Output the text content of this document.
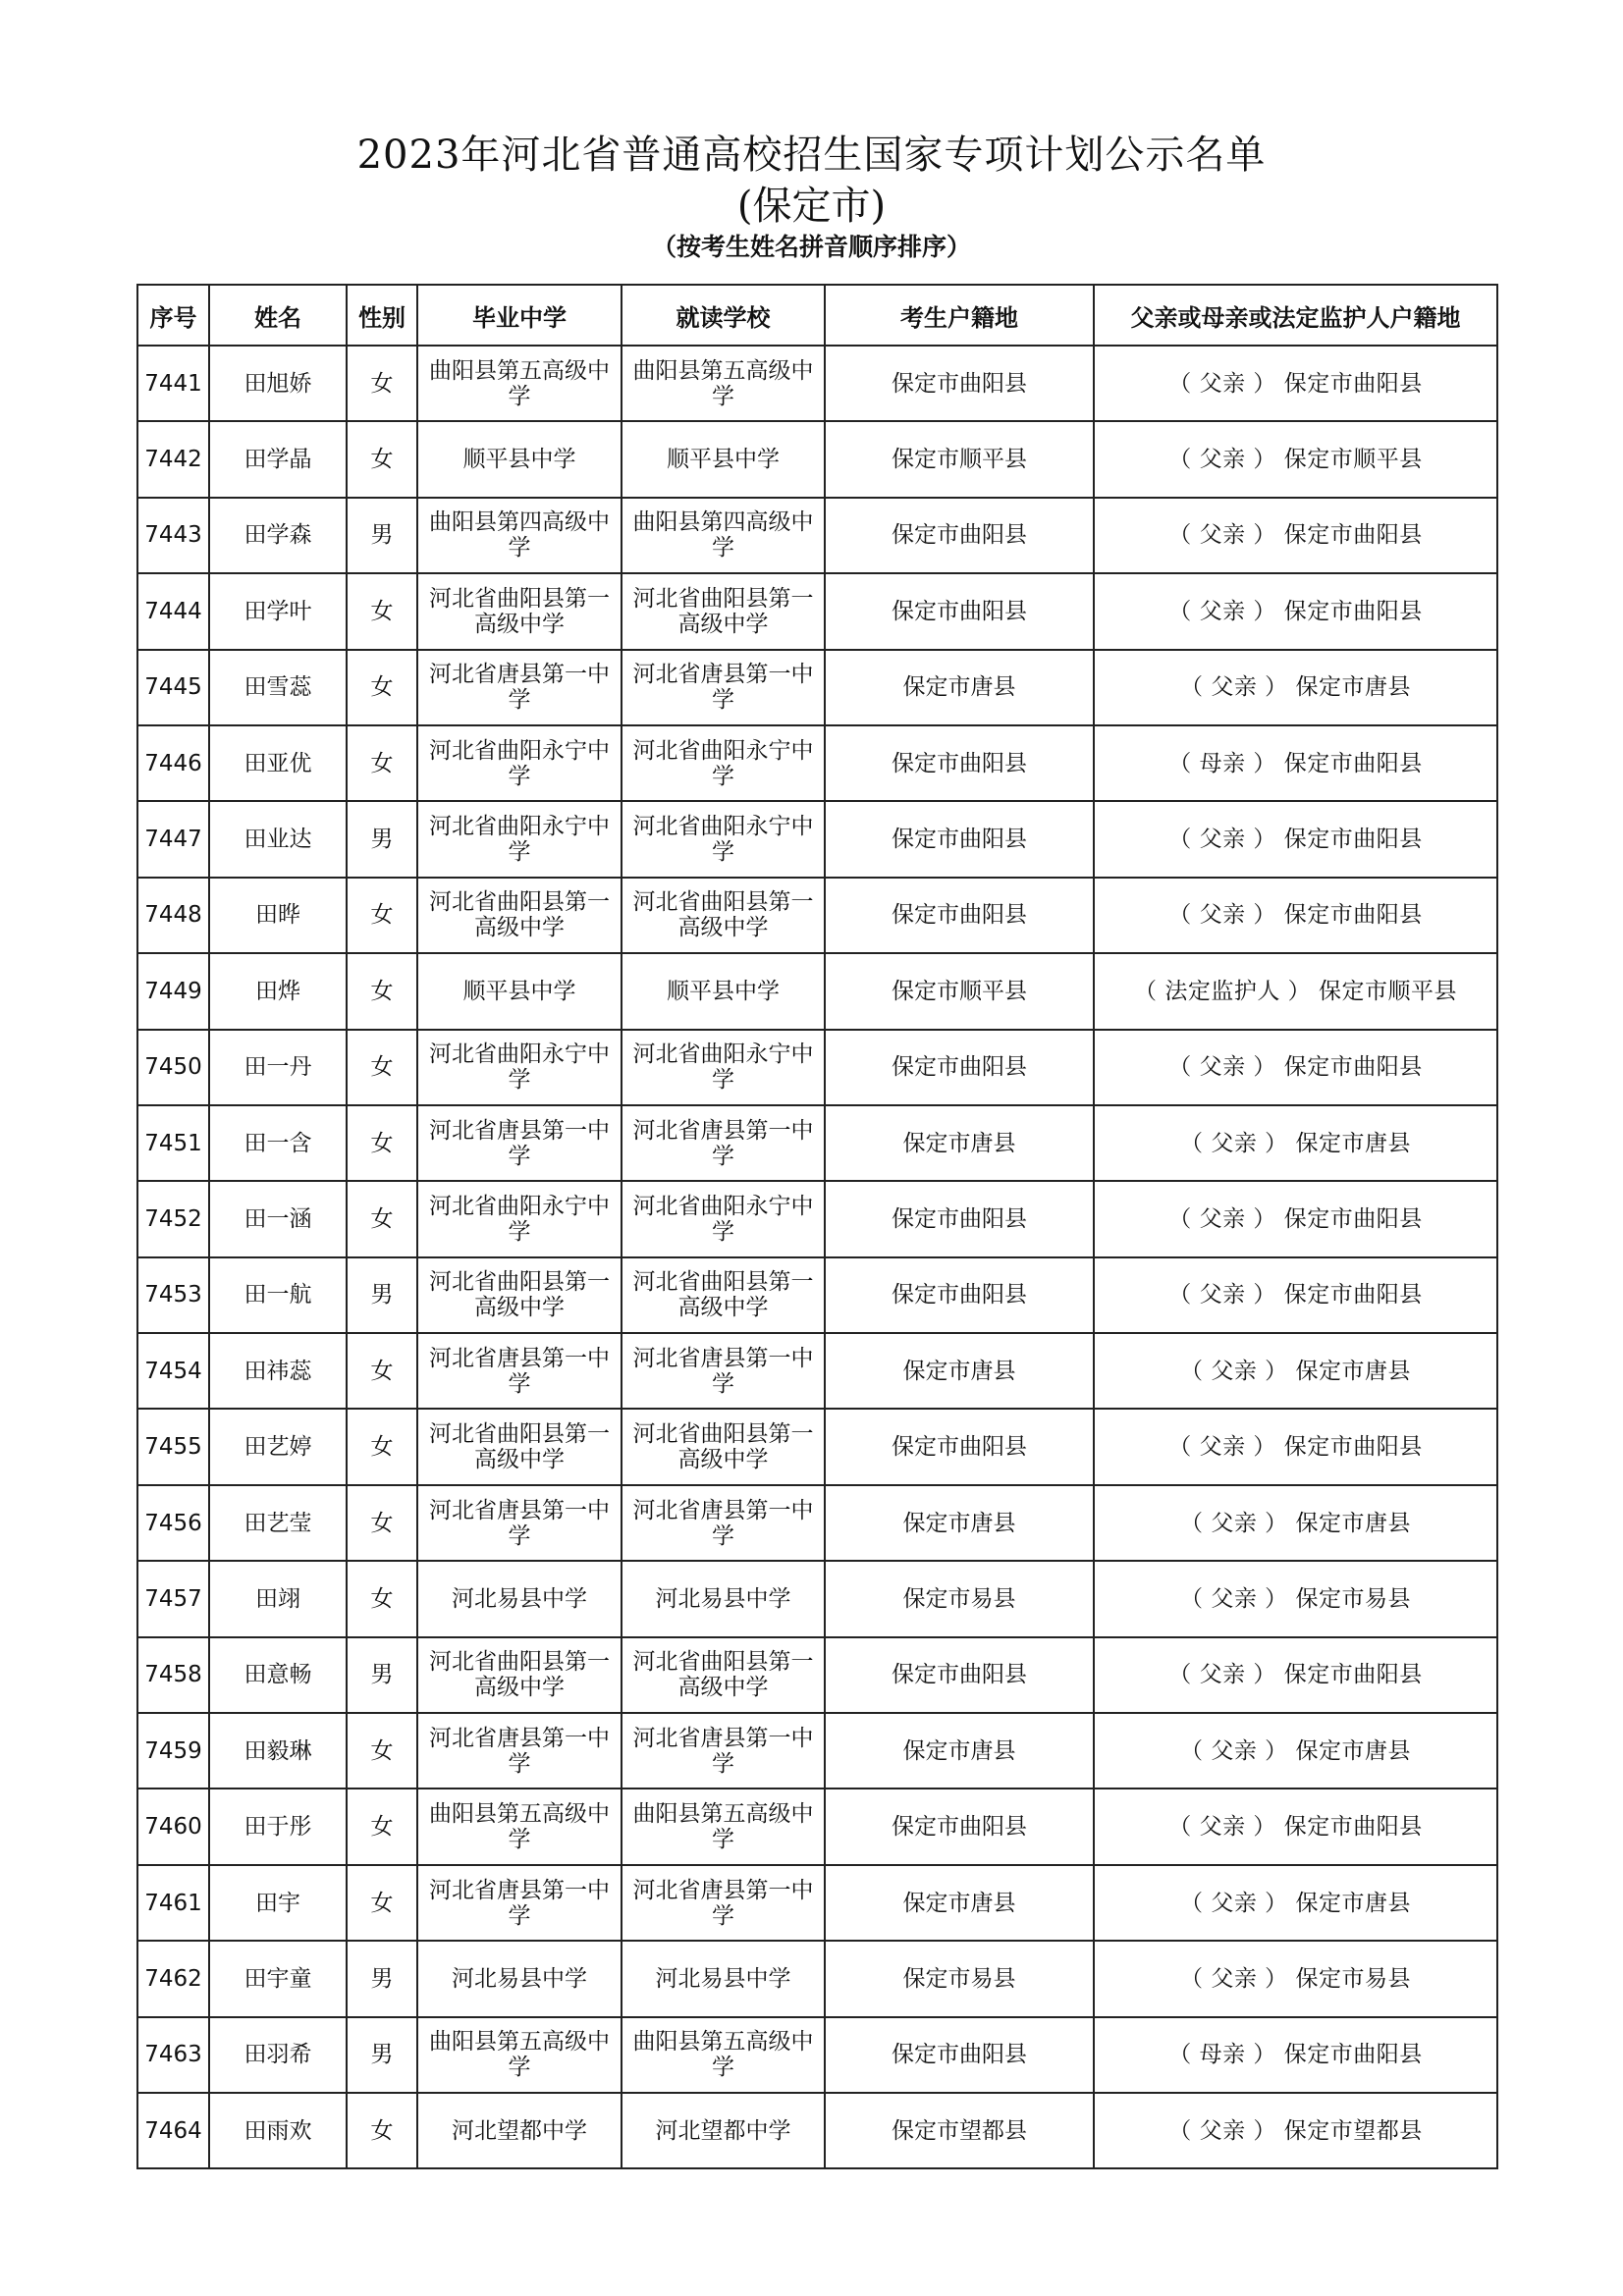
2023年河北省普通高校招生国家专项计划公示名单
(保定市)
（按考生姓名拼音顺序排序）
序号	姓名	性别	毕业中学	就读学校	考生户籍地	父亲或母亲或法定监护人户籍地
7441	田旭娇	女	曲阳县第五高级中学	曲阳县第五高级中学	保定市曲阳县	（ 父亲 ） 保定市曲阳县
7442	田学晶	女	顺平县中学	顺平县中学	保定市顺平县	（ 父亲 ） 保定市顺平县
7443	田学森	男	曲阳县第四高级中学	曲阳县第四高级中学	保定市曲阳县	（ 父亲 ） 保定市曲阳县
7444	田学叶	女	河北省曲阳县第一高级中学	河北省曲阳县第一高级中学	保定市曲阳县	（ 父亲 ） 保定市曲阳县
7445	田雪蕊	女	河北省唐县第一中学	河北省唐县第一中学	保定市唐县	（ 父亲 ） 保定市唐县
7446	田亚优	女	河北省曲阳永宁中学	河北省曲阳永宁中学	保定市曲阳县	（ 母亲 ） 保定市曲阳县
7447	田业达	男	河北省曲阳永宁中学	河北省曲阳永宁中学	保定市曲阳县	（ 父亲 ） 保定市曲阳县
7448	田晔	女	河北省曲阳县第一高级中学	河北省曲阳县第一高级中学	保定市曲阳县	（ 父亲 ） 保定市曲阳县
7449	田烨	女	顺平县中学	顺平县中学	保定市顺平县	（ 法定监护人 ） 保定市顺平县
7450	田一丹	女	河北省曲阳永宁中学	河北省曲阳永宁中学	保定市曲阳县	（ 父亲 ） 保定市曲阳县
7451	田一含	女	河北省唐县第一中学	河北省唐县第一中学	保定市唐县	（ 父亲 ） 保定市唐县
7452	田一涵	女	河北省曲阳永宁中学	河北省曲阳永宁中学	保定市曲阳县	（ 父亲 ） 保定市曲阳县
7453	田一航	男	河北省曲阳县第一高级中学	河北省曲阳县第一高级中学	保定市曲阳县	（ 父亲 ） 保定市曲阳县
7454	田祎蕊	女	河北省唐县第一中学	河北省唐县第一中学	保定市唐县	（ 父亲 ） 保定市唐县
7455	田艺婷	女	河北省曲阳县第一高级中学	河北省曲阳县第一高级中学	保定市曲阳县	（ 父亲 ） 保定市曲阳县
7456	田艺莹	女	河北省唐县第一中学	河北省唐县第一中学	保定市唐县	（ 父亲 ） 保定市唐县
7457	田翊	女	河北易县中学	河北易县中学	保定市易县	（ 父亲 ） 保定市易县
7458	田意畅	男	河北省曲阳县第一高级中学	河北省曲阳县第一高级中学	保定市曲阳县	（ 父亲 ） 保定市曲阳县
7459	田毅琳	女	河北省唐县第一中学	河北省唐县第一中学	保定市唐县	（ 父亲 ） 保定市唐县
7460	田于彤	女	曲阳县第五高级中学	曲阳县第五高级中学	保定市曲阳县	（ 父亲 ） 保定市曲阳县
7461	田宇	女	河北省唐县第一中学	河北省唐县第一中学	保定市唐县	（ 父亲 ） 保定市唐县
7462	田宇童	男	河北易县中学	河北易县中学	保定市易县	（ 父亲 ） 保定市易县
7463	田羽希	男	曲阳县第五高级中学	曲阳县第五高级中学	保定市曲阳县	（ 母亲 ） 保定市曲阳县
7464	田雨欢	女	河北望都中学	河北望都中学	保定市望都县	（ 父亲 ） 保定市望都县
